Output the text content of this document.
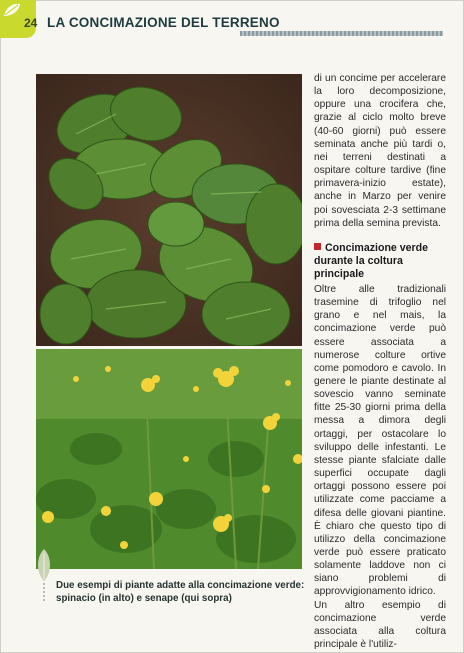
24 LA CONCIMAZIONE DEL TERRENO
Due esempi di piante adatte alla concimazione verde: spinacio (in alto) e senape (qui sopra)

di un concime per accelerare la loro decomposizione, oppure una crocifera che, grazie al ciclo molto breve (40-60 giorni) può essere seminata anche più tardi o, nei terreni destinati a ospitare colture tardive (fine primavera-inizio estate), anche in Marzo per venire poi sovesciata 2-3 settimane prima della semina prevista.

Concimazione verde durante la coltura principale

Oltre alle tradizionali trasemine di trifoglio nel grano e nel mais, la concimazione verde può essere associata a numerose colture ortive come pomodoro e cavolo. In genere le piante destinate al sovescio vanno seminate fitte 25-30 giorni prima della messa a dimora degli ortaggi, per ostacolare lo sviluppo delle infestanti. Le stesse piante sfalciate dalle superfici occupate dagli ortaggi possono essere poi utilizzate come pacciame a difesa delle giovani piantine. È chiaro che questo tipo di utilizzo della concimazione verde può essere praticato solamente laddove non ci siano problemi di approvvigionamento idrico.

Un altro esempio di concimazione verde associata alla coltura principale è l'utiliz-
